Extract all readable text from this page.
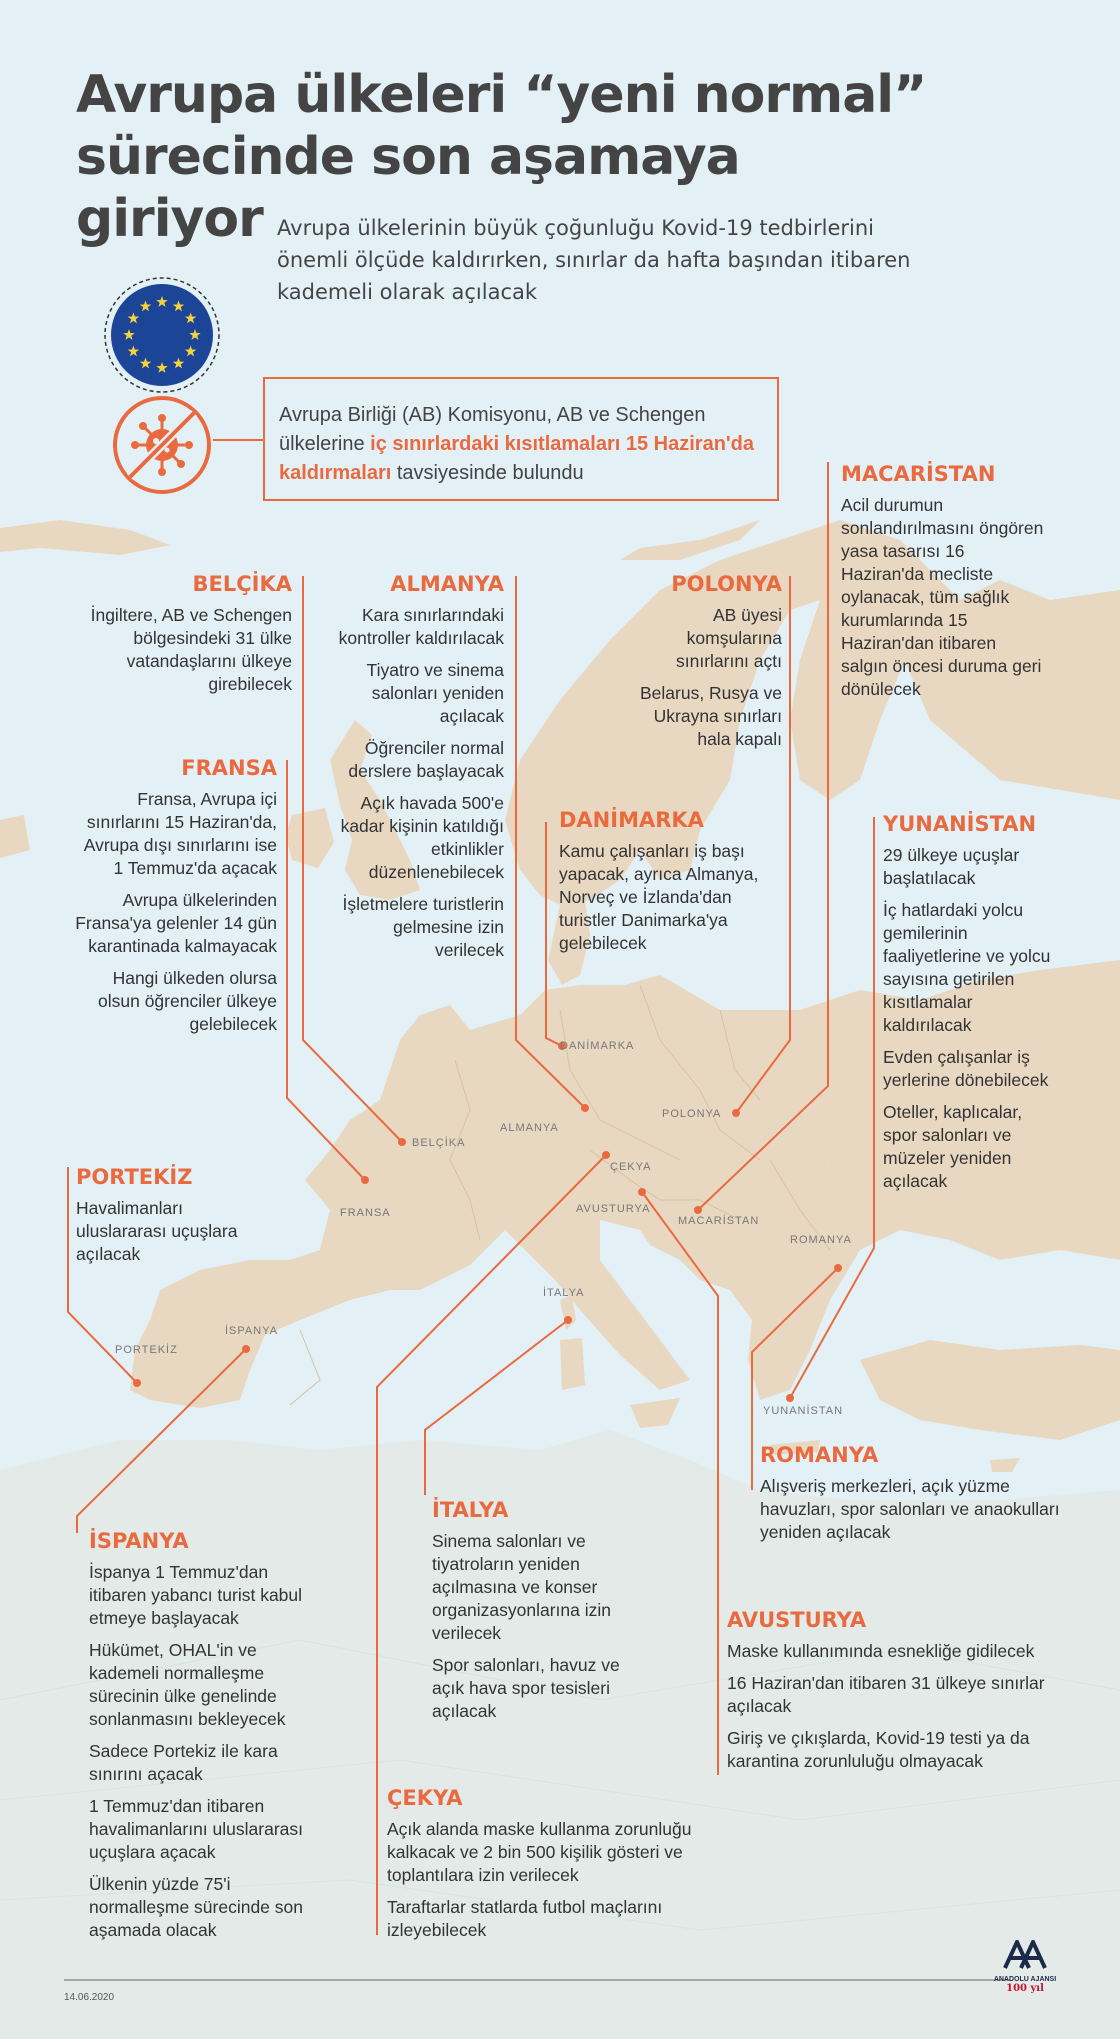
DANİMARKA
ALMANYA
POLONYA
BELÇİKA
ÇEKYA
FRANSA	AVUSTURYA
MACARİSTAN
ROMANYA
İTALYA
İSPANYA
PORTEKİZ
YUNANİSTAN
Avrupa ülkeleri “yeni normal”
sürecinde son aşamaya
giriyor Avrupa ülkelerinin büyük çoğunluğu Kovid-19 tedbirlerini önemli ölçüde kaldırırken, sınırlar da hafta başından itibaren kademeli olarak açılacak
Avrupa Birliği (AB) Komisyonu, AB ve Schengen ülkelerine iç sınırlardaki kısıtlamaları 15 Haziran'da kaldırmaları tavsiyesinde bulundu
BELÇİKA

İngiltere, AB ve Schengen bölgesindeki 31 ülke vatandaşlarını ülkeye girebilecek

ALMANYA

Kara sınırlarındaki kontroller kaldırılacak

Tiyatro ve sinema salonları yeniden açılacak

Öğrenciler normal derslere başlayacak

Açık havada 500'e kadar kişinin katıldığı etkinlikler düzenlenebilecek

İşletmelere turistlerin gelmesine izin verilecek

POLONYA

AB üyesi komşularına sınırlarını açtı

Belarus, Rusya ve Ukrayna sınırları hala kapalı

MACARİSTAN

Acil durumun sonlandırılmasını öngören yasa tasarısı 16 Haziran'da mecliste oylanacak, tüm sağlık kurumlarında 15 Haziran'dan itibaren salgın öncesi duruma geri dönülecek

FRANSA

Fransa, Avrupa içi sınırlarını 15 Haziran'da, Avrupa dışı sınırlarını ise 1 Temmuz'da açacak

Avrupa ülkelerinden Fransa'ya gelenler 14 gün karantinada kalmayacak

Hangi ülkeden olursa olsun öğrenciler ülkeye gelebilecek

DANİMARKA

Kamu çalışanları iş başı yapacak, ayrıca Almanya, Norveç ve İzlanda'dan turistler Danimarka'ya gelebilecek

YUNANİSTAN

29 ülkeye uçuşlar başlatılacak

İç hatlardaki yolcu gemilerinin faaliyetlerine ve yolcu sayısına getirilen kısıtlamalar kaldırılacak

Evden çalışanlar iş yerlerine dönebilecek

Oteller, kaplıcalar, spor salonları ve müzeler yeniden açılacak

PORTEKİZ

Havalimanları uluslararası uçuşlara açılacak

ROMANYA

Alışveriş merkezleri, açık yüzme havuzları, spor salonları ve anaokulları yeniden açılacak

İTALYA

Sinema salonları ve tiyatroların yeniden açılmasına ve konser organizasyonlarına izin verilecek

Spor salonları, havuz ve açık hava spor tesisleri açılacak

İSPANYA

İspanya 1 Temmuz'dan itibaren yabancı turist kabul etmeye başlayacak

Hükümet, OHAL'in ve kademeli normalleşme sürecinin ülke genelinde sonlanmasını bekleyecek

Sadece Portekiz ile kara sınırını açacak

1 Temmuz'dan itibaren havalimanlarını uluslararası uçuşlara açacak

Ülkenin yüzde 75'i normalleşme sürecinde son aşamada olacak

AVUSTURYA

Maske kullanımında esnekliğe gidilecek

16 Haziran'dan itibaren 31 ülkeye sınırlar açılacak

Giriş ve çıkışlarda, Kovid-19 testi ya da karantina zorunluluğu olmayacak

ÇEKYA

Açık alanda maske kullanma zorunluğu kalkacak ve 2 bin 500 kişilik gösteri ve toplantılara izin verilecek

Taraftarlar statlarda futbol maçlarını izleyebilecek

14.06.2020
ANADOLU AJANSI
100 yıl
